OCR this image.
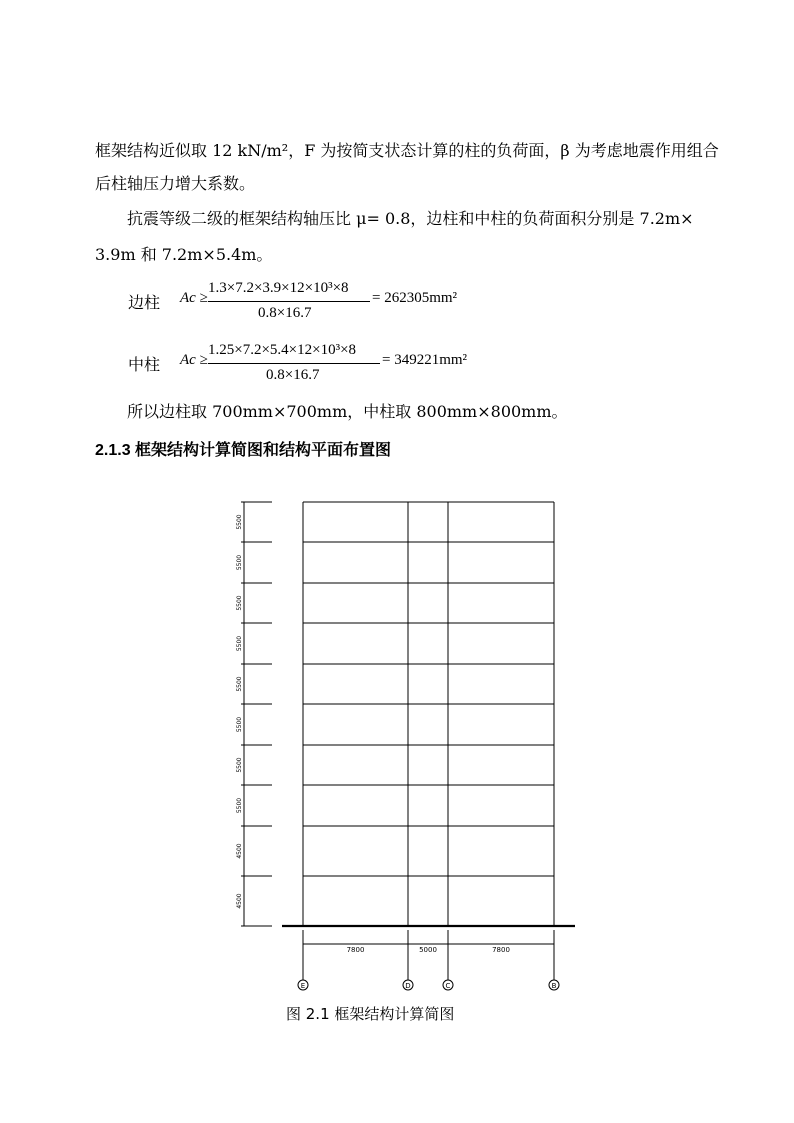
框架结构近似取 12 kN/m²，F 为按简支状态计算的柱的负荷面，β 为考虑地震作用组合
后柱轴压力增大系数。
抗震等级二级的框架结构轴压比 μ= 0.8，边柱和中柱的负荷面积分别是 7.2m×
3.9m 和 7.2m×5.4m。
边柱 Ac ≥
1.3×7.2×3.9×12×10³×8
0.8×16.7
= 262305mm²
中柱 Ac ≥
1.25×7.2×5.4×12×10³×8
0.8×16.7
= 349221mm²
所以边柱取 700mm×700mm，中柱取 800mm×800mm。
2.1.3 框架结构计算简图和结构平面布置图
5500
5500
5500
5500
5500
5500
5500
5500
4500
4500
7800	5000	7800
E	D	C	B
图 2.1 框架结构计算简图
